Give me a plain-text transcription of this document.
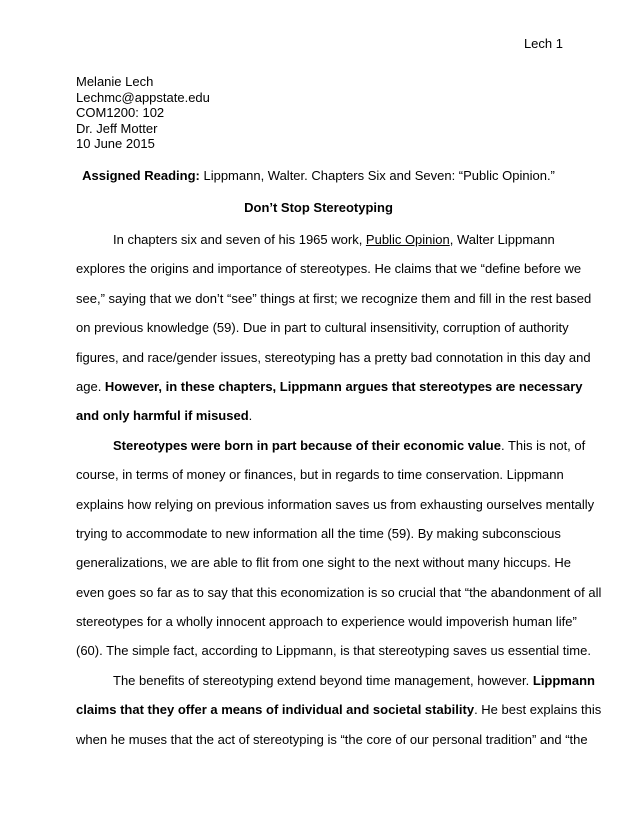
Lech 1
Melanie Lech
Lechmc@appstate.edu
COM1200: 102
Dr. Jeff Motter
10 June 2015
Assigned Reading: Lippmann, Walter. Chapters Six and Seven: “Public Opinion.”
Don’t Stop Stereotyping
In chapters six and seven of his 1965 work, Public Opinion, Walter Lippmann
explores the origins and importance of stereotypes. He claims that we “define before we
see,” saying that we don’t “see” things at first; we recognize them and fill in the rest based
on previous knowledge (59). Due in part to cultural insensitivity, corruption of authority
figures, and race/gender issues, stereotyping has a pretty bad connotation in this day and
age. However, in these chapters, Lippmann argues that stereotypes are necessary
and only harmful if misused.
Stereotypes were born in part because of their economic value. This is not, of
course, in terms of money or finances, but in regards to time conservation. Lippmann
explains how relying on previous information saves us from exhausting ourselves mentally
trying to accommodate to new information all the time (59). By making subconscious
generalizations, we are able to flit from one sight to the next without many hiccups. He
even goes so far as to say that this economization is so crucial that “the abandonment of all
stereotypes for a wholly innocent approach to experience would impoverish human life”
(60). The simple fact, according to Lippmann, is that stereotyping saves us essential time.
The benefits of stereotyping extend beyond time management, however. Lippmann
claims that they offer a means of individual and societal stability. He best explains this
when he muses that the act of stereotyping is “the core of our personal tradition” and “the
